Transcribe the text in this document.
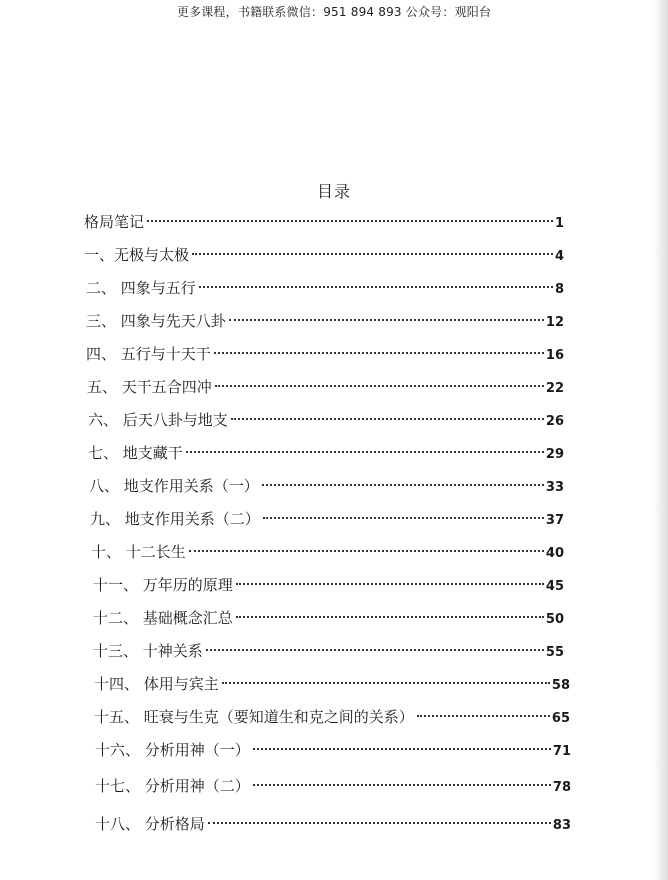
更多课程，书籍联系微信：951 894 893 公众号：观阳台
目录
格局笔记	1
一、无极与太极	4
二、 四象与五行	8
三、 四象与先天八卦	12
四、 五行与十天干	16
五、 天干五合四冲	22
六、 后天八卦与地支	26
七、 地支藏干	29
八、 地支作用关系（一）	33
九、 地支作用关系（二）	37
十、 十二长生	40
十一、 万年历的原理	45
十二、 基础概念汇总	50
十三、 十神关系	55
十四、 体用与宾主	58
十五、 旺衰与生克（要知道生和克之间的关系）	65
十六、 分析用神（一）	71
十七、 分析用神（二）	78
十八、 分析格局	83
